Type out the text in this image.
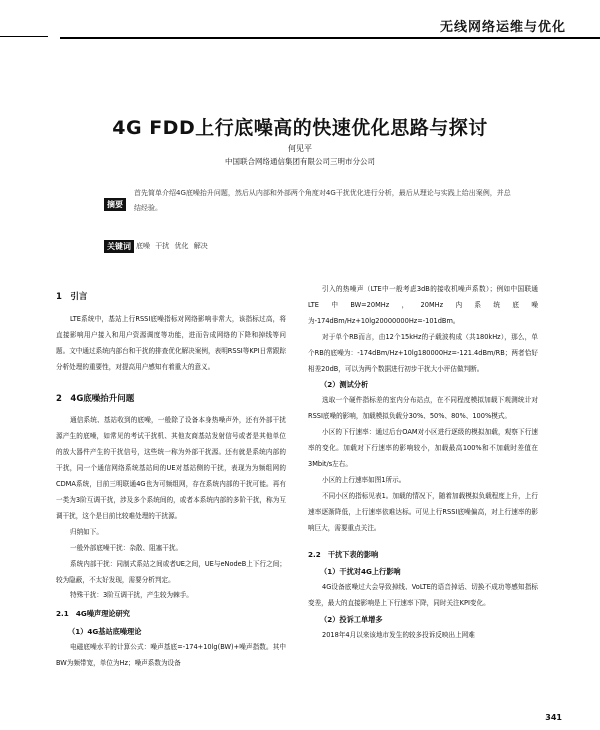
无线网络运维与优化
4G FDD上行底噪高的快速优化思路与探讨
何见平
中国联合网络通信集团有限公司三明市分公司
摘要
首先简单介绍4G底噪抬升问题，然后从内部和外部两个角度对4G干扰优化进行分析，最后从理论与实践上给出案例，并总结经验。
关键词 底噪 干扰 优化 解决
1　引言

LTE系统中，基站上行RSSI底噪指标对网络影响非常大，该指标过高，将直接影响用户接入和用户资源调度等功能，进而告成网络的下降和掉线等问题。文中通过系统内部台和干扰的排查优化解决案例，表明RSSI等KPI日常跟踪分析处理的重要性，对提高用户感知有着重大的意义。

2　4G底噪抬升问题

通信系统、基站收到的底噪，一般除了设备本身热噪声外，还有外部干扰源产生的底噪，如常见的考试干扰机、其他友商基站发射信号或者是其他单位的放大器件产生的干扰信号，这些统一称为外部干扰源。还有就是系统内部的干扰，同一个通信网络系统基站间的UE对基站侧的干扰，表现为为频组网的CDMA系统，目前三明联通4G也为可频组网，存在系统内部的干扰可能。再有一类为3阶互调干扰，涉及多个系统间的，或者本系统内部的多阶干扰，称为互调干扰，这个是目前比较难处理的干扰源。

归纳如下。

一般外部底噪干扰：杂散、阻塞干扰。

系统内部干扰：同制式系站之间或者UE之间，UE与eNodeB上下行之间；较为隐蔽，不太好发现，需要分析判定。

特殊干扰：3阶互调干扰，产生较为棘手。

2.1　4G噪声理论研究
（1）4G基站底噪理论

电磁底噪水平的计算公式：噪声基底=-174+10lg(BW)+噪声指数。其中BW为频带宽，单位为Hz；噪声系数为设备

引入的热噪声（LTE中一般考虑3dB的接收机噪声系数）；例如中国联通LTE中BW=20MHz，20MHz内系统底噪为-174dBm/Hz+10lg20000000Hz=-101dBm。

对于单个RB而言，由12个15kHz的子载波构成（共180kHz），那么，单个RB的底噪为：-174dBm/Hz+10lg180000Hz=-121.4dBm/RB；两者恰好相差20dB，可以为两个数据进行初步干扰大小评估做判断。

（2）测试分析

选取一个硬件指标差的室内分布站点，在不同程度模拟加载下观测统计对RSSI底噪的影响，加载模拟负载分30%、50%、80%、100%模式。

小区的下行速率：通过后台OAM对小区进行逐级的模拟加载，观察下行速率的变化。加载对下行速率的影响较小，加载最高100%和不加载时差值在3Mbit/s左右。

小区的上行速率如图1所示。

不同小区的指标见表1。加载的情况下，随着加载模拟负载程度上升，上行速率逐渐降低，上行速率依难达标。可见上行RSSI底噪偏高，对上行速率的影响巨大，需要重点关注。

2.2　干扰下表的影响
（1）干扰对4G上行影响

4G设备底噪过大会导致掉线、VoLTE的语音掉话、切换不成功等感知指标变差，最大的直接影响是上下行速率下降，同时关注KPI变化。

（2）投诉工单增多

2018年4月以来该地市发生的较多投诉反映出上网难

341
